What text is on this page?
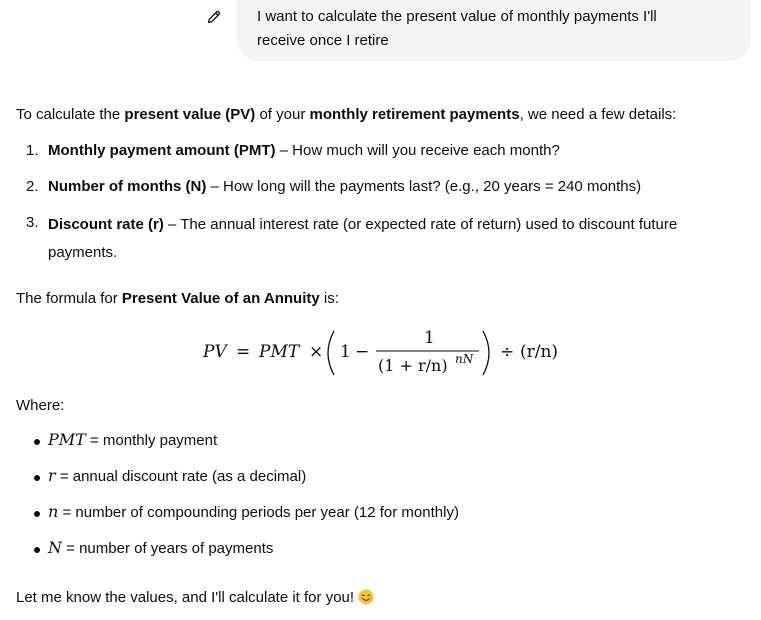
I want to calculate the present value of monthly payments I'll
receive once I retire
To calculate the present value (PV) of your monthly retirement payments, we need a few details:
1. Monthly payment amount (PMT) – How much will you receive each month?
2. Number of months (N) – How long will the payments last? (e.g., 20 years = 240 months)
3. Discount rate (r) – The annual interest rate (or expected rate of return) used to discount future
payments.
The formula for Present Value of an Annuity is:
PV = PMT × 1 −
1
(1 + r/n) nN ÷ (r/n)
Where:
PMT = monthly payment
r = annual discount rate (as a decimal)
n = number of compounding periods per year (12 for monthly)
N = number of years of payments
Let me know the values, and I'll calculate it for you!
